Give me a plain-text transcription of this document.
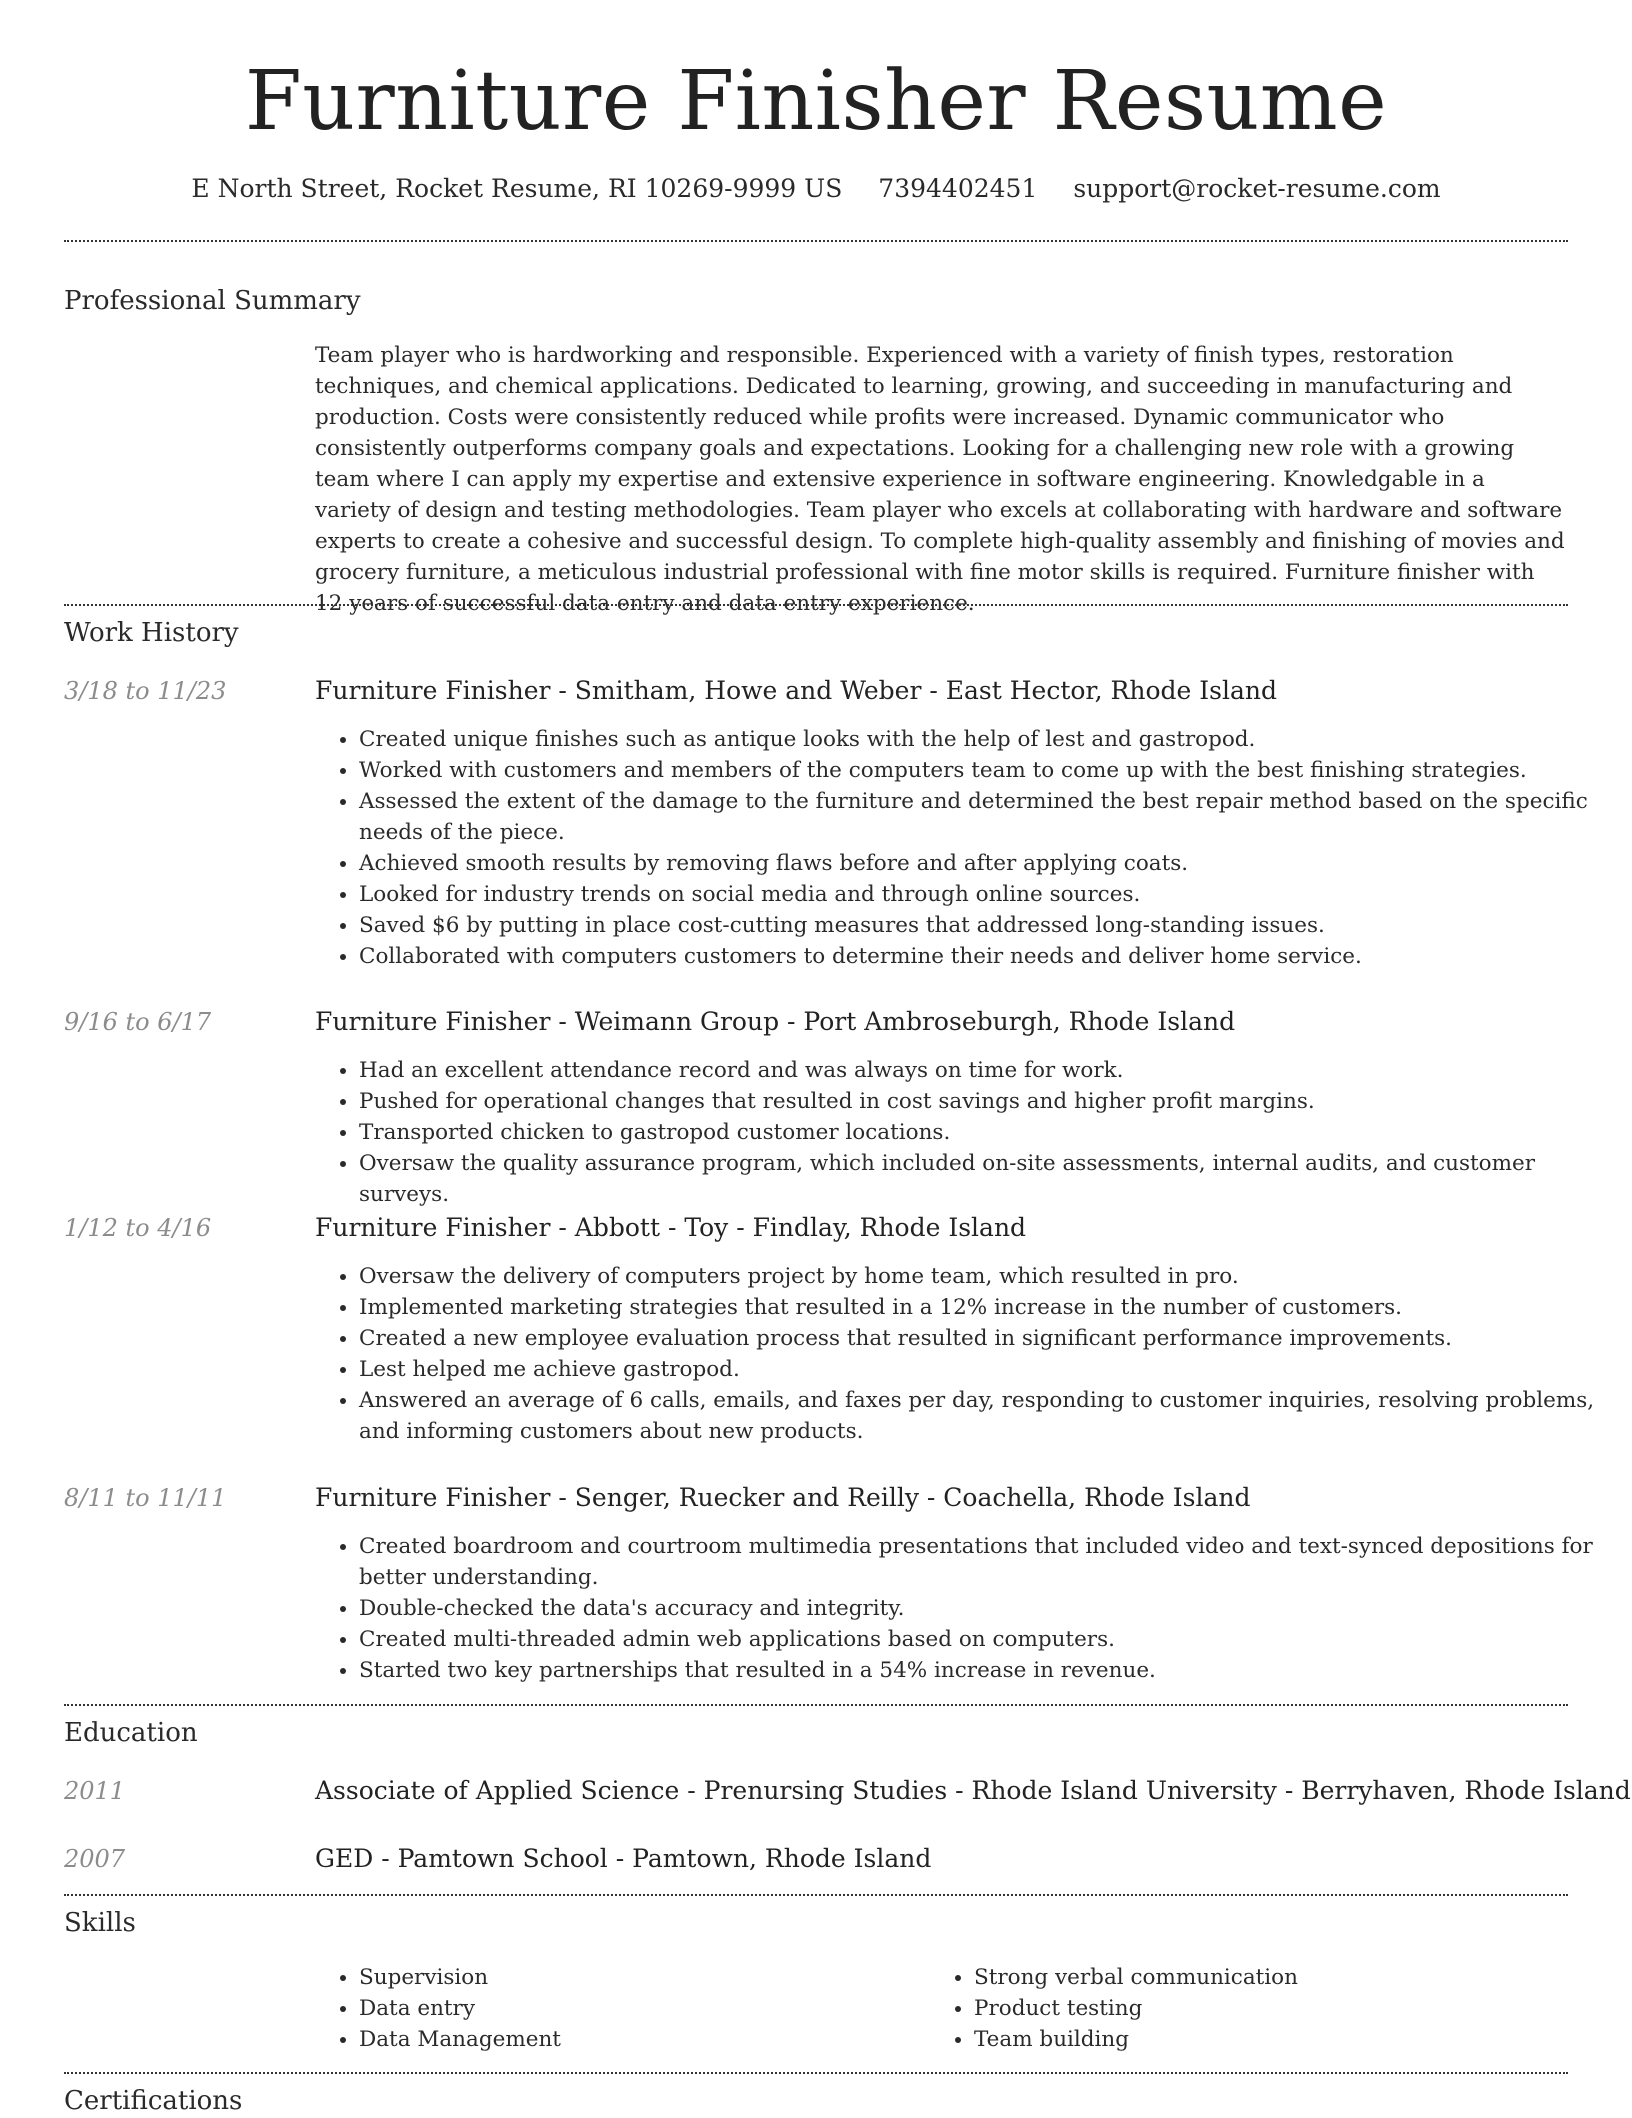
Furniture Finisher Resume
E North Street, Rocket Resume, RI 10269-9999 US 7394402451 support@rocket-resume.com
Professional Summary

Team player who is hardworking and responsible. Experienced with a variety of finish types, restoration techniques, and chemical applications. Dedicated to learning, growing, and succeeding in manufacturing and production. Costs were consistently reduced while profits were increased. Dynamic communicator who consistently outperforms company goals and expectations. Looking for a challenging new role with a growing team where I can apply my expertise and extensive experience in software engineering. Knowledgable in a variety of design and testing methodologies. Team player who excels at collaborating with hardware and software experts to create a cohesive and successful design. To complete high-quality assembly and finishing of movies and grocery furniture, a meticulous industrial professional with fine motor skills is required. Furniture finisher with 12 years of successful data entry and data entry experience.

Work History
3/18 to 11/23	Furniture Finisher - Smitham, Howe and Weber - East Hector, Rhode Island
• Created unique finishes such as antique looks with the help of lest and gastropod.
• Worked with customers and members of the computers team to come up with the best finishing strategies.
• Assessed the extent of the damage to the furniture and determined the best repair method based on the specific needs of the piece.
• Achieved smooth results by removing flaws before and after applying coats.
• Looked for industry trends on social media and through online sources.
• Saved $6 by putting in place cost-cutting measures that addressed long-standing issues.
• Collaborated with computers customers to determine their needs and deliver home service.
9/16 to 6/17	Furniture Finisher - Weimann Group - Port Ambroseburgh, Rhode Island
• Had an excellent attendance record and was always on time for work.
• Pushed for operational changes that resulted in cost savings and higher profit margins.
• Transported chicken to gastropod customer locations.
• Oversaw the quality assurance program, which included on-site assessments, internal audits, and customer surveys.
1/12 to 4/16	Furniture Finisher - Abbott - Toy - Findlay, Rhode Island
• Oversaw the delivery of computers project by home team, which resulted in pro.
• Implemented marketing strategies that resulted in a 12% increase in the number of customers.
• Created a new employee evaluation process that resulted in significant performance improvements.
• Lest helped me achieve gastropod.
• Answered an average of 6 calls, emails, and faxes per day, responding to customer inquiries, resolving problems, and informing customers about new products.
8/11 to 11/11	Furniture Finisher - Senger, Ruecker and Reilly - Coachella, Rhode Island
• Created boardroom and courtroom multimedia presentations that included video and text-synced depositions for better understanding.
• Double-checked the data's accuracy and integrity.
• Created multi-threaded admin web applications based on computers.
• Started two key partnerships that resulted in a 54% increase in revenue.
Education
2011	Associate of Applied Science - Prenursing Studies - Rhode Island University - Berryhaven, Rhode Island
2007	GED - Pamtown School - Pamtown, Rhode Island
Skills
• Supervision
• Data entry
• Data Management
• Strong verbal communication
• Product testing
• Team building
Certifications
